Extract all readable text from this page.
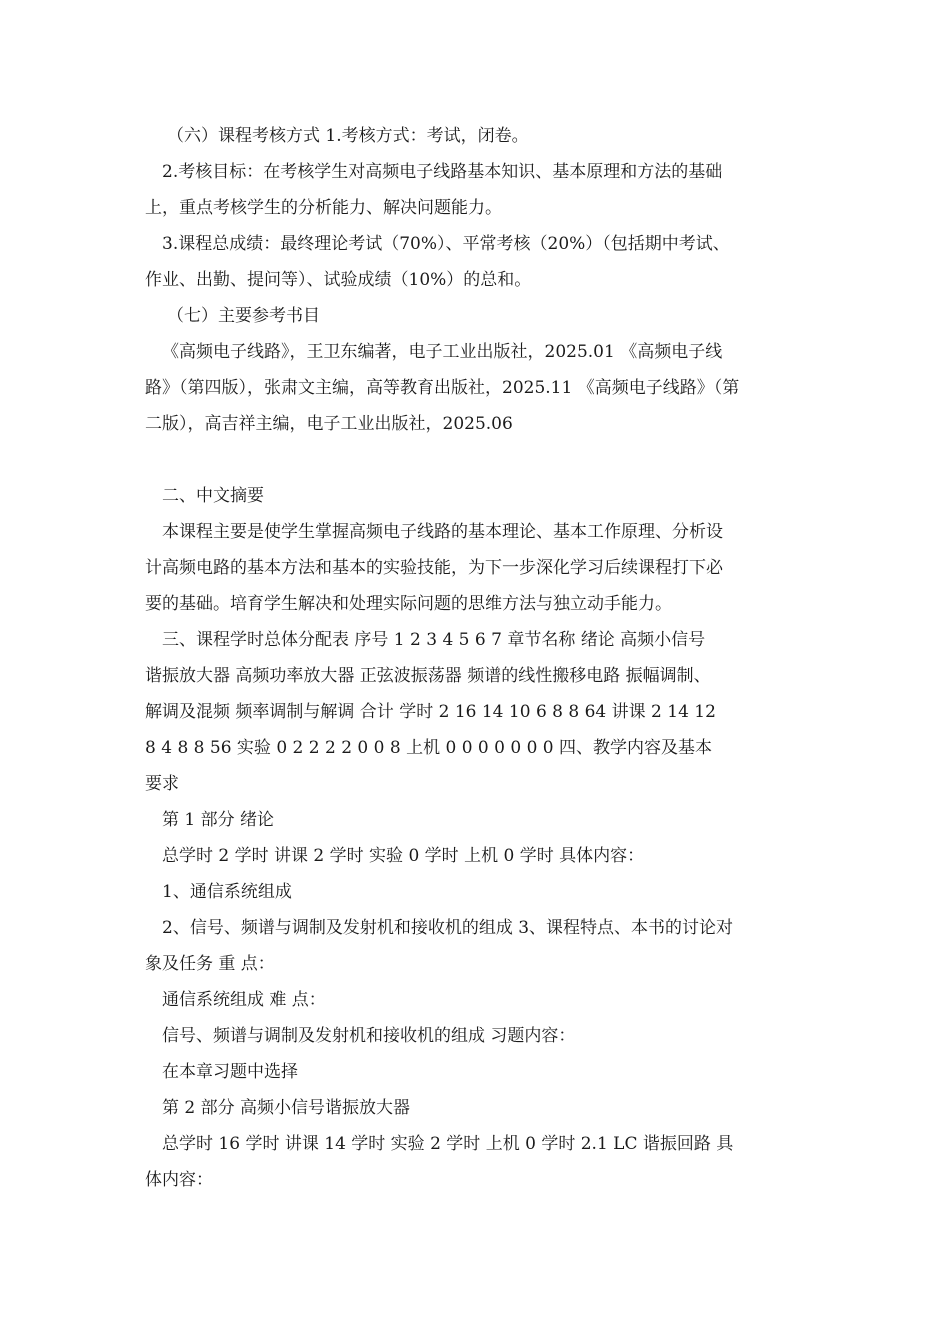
（六）课程考核方式 1.考核方式：考试，闭卷。
2.考核目标：在考核学生对高频电子线路基本知识、基本原理和方法的基础
上，重点考核学生的分析能力、解决问题能力。
3.课程总成绩：最终理论考试（70%）、平常考核（20%）（包括期中考试、
作业、出勤、提问等）、试验成绩（10%）的总和。
（七）主要参考书目
《高频电子线路》，王卫东编著，电子工业出版社，2025.01 《高频电子线
路》（第四版），张肃文主编，高等教育出版社，2025.11 《高频电子线路》（第
二版），高吉祥主编，电子工业出版社，2025.06
二、中文摘要
本课程主要是使学生掌握高频电子线路的基本理论、基本工作原理、分析设
计高频电路的基本方法和基本的实验技能，为下一步深化学习后续课程打下必
要的基础。培育学生解决和处理实际问题的思维方法与独立动手能力。
三、课程学时总体分配表 序号 1 2 3 4 5 6 7 章节名称 绪论 高频小信号
谐振放大器 高频功率放大器 正弦波振荡器 频谱的线性搬移电路 振幅调制、
解调及混频 频率调制与解调 合计 学时 2 16 14 10 6 8 8 64 讲课 2 14 12
8 4 8 8 56 实验 0 2 2 2 2 0 0 8 上机 0 0 0 0 0 0 0 四、教学内容及基本
要求
第 1 部分 绪论
总学时 2 学时 讲课 2 学时 实验 0 学时 上机 0 学时 具体内容：
1、通信系统组成
2、信号、频谱与调制及发射机和接收机的组成 3、课程特点、本书的讨论对
象及任务 重 点：
通信系统组成 难 点：
信号、频谱与调制及发射机和接收机的组成 习题内容：
在本章习题中选择
第 2 部分 高频小信号谐振放大器
总学时 16 学时 讲课 14 学时 实验 2 学时 上机 0 学时 2.1 LC 谐振回路 具
体内容：
